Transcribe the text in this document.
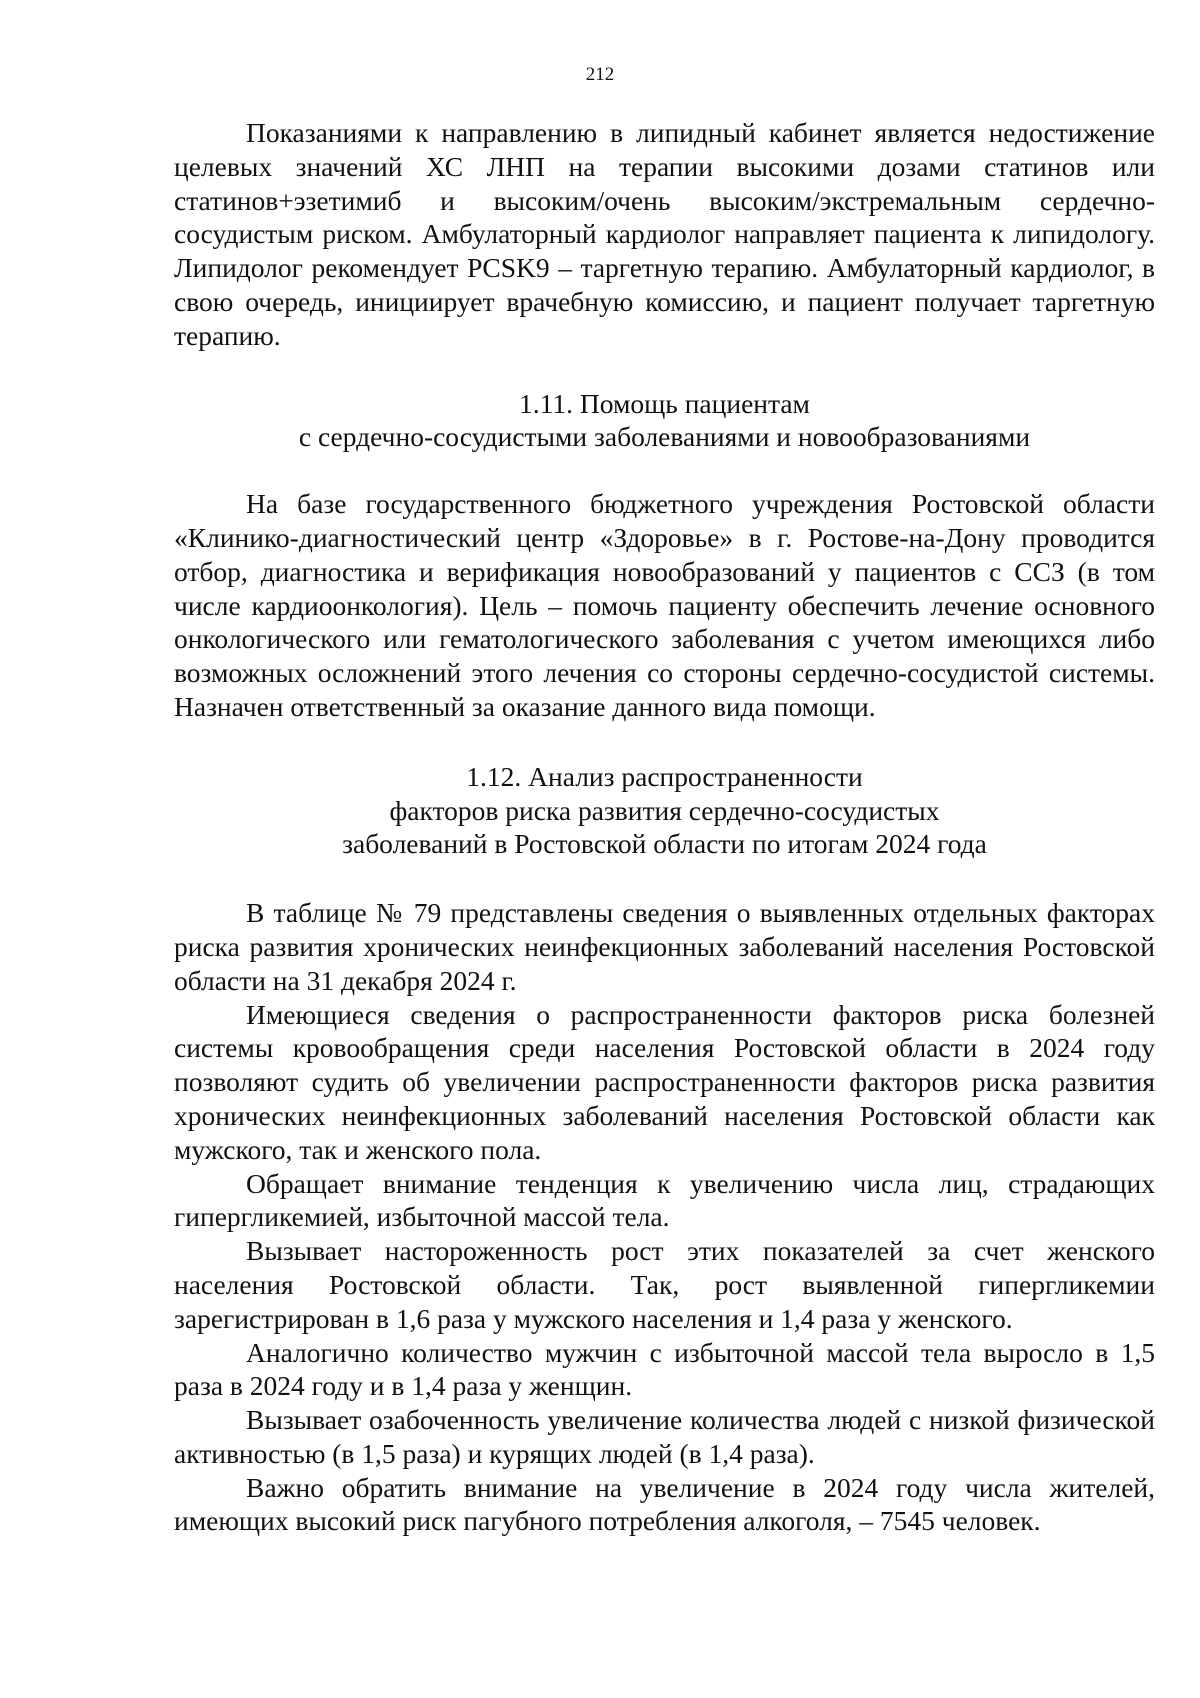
212

Показаниями к направлению в липидный кабинет является недостижение целевых значений ХС ЛНП на терапии высокими дозами статинов или статинов+эзетимиб и высоким/очень высоким/экстремальным сердечно-сосудистым риском. Амбулаторный кардиолог направляет пациента к липидологу. Липидолог рекомендует PCSK9 – таргетную терапию. Амбулаторный кардиолог, в свою очередь, инициирует врачебную комиссию, и пациент получает таргетную терапию.

1.11. Помощь пациентам
с сердечно-сосудистыми заболеваниями и новообразованиями

На базе государственного бюджетного учреждения Ростовской области «Клинико-диагностический центр «Здоровье» в г. Ростове-на-Дону проводится отбор, диагностика и верификация новообразований у пациентов с ССЗ (в том числе кардиоонкология). Цель – помочь пациенту обеспечить лечение основного онкологического или гематологического заболевания с учетом имеющихся либо возможных осложнений этого лечения со стороны сердечно-сосудистой системы. Назначен ответственный за оказание данного вида помощи.

1.12. Анализ распространенности
факторов риска развития сердечно-сосудистых
заболеваний в Ростовской области по итогам 2024 года

В таблице № 79 представлены сведения о выявленных отдельных факторах риска развития хронических неинфекционных заболеваний населения Ростовской области на 31 декабря 2024 г.

Имеющиеся сведения о распространенности факторов риска болезней системы кровообращения среди населения Ростовской области в 2024 году позволяют судить об увеличении распространенности факторов риска развития хронических неинфекционных заболеваний населения Ростовской области как мужского, так и женского пола.

Обращает внимание тенденция к увеличению числа лиц, страдающих гипергликемией, избыточной массой тела.

Вызывает настороженность рост этих показателей за счет женского населения Ростовской области. Так, рост выявленной гипергликемии зарегистрирован в 1,6 раза у мужского населения и 1,4 раза у женского.

Аналогично количество мужчин с избыточной массой тела выросло в 1,5 раза в 2024 году и в 1,4 раза у женщин.

Вызывает озабоченность увеличение количества людей с низкой физической активностью (в 1,5 раза) и курящих людей (в 1,4 раза).

Важно обратить внимание на увеличение в 2024 году числа жителей, имеющих высокий риск пагубного потребления алкоголя, – 7545 человек.
